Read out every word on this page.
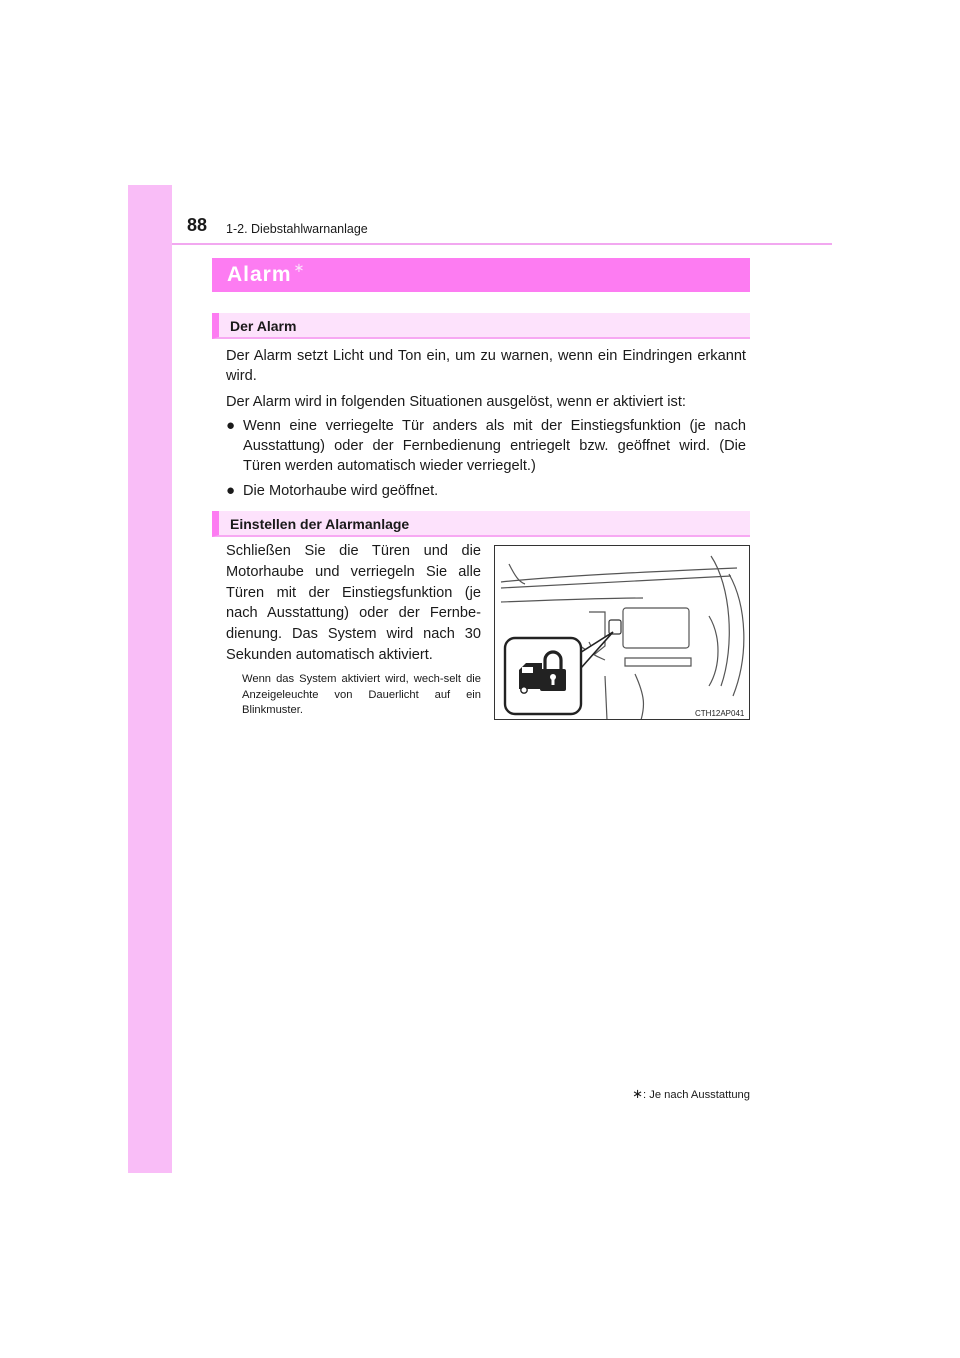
88 1-2. Diebstahlwarnanlage
Alarm ∗
Der Alarm

Der Alarm setzt Licht und Ton ein, um zu warnen, wenn ein Eindringen erkannt wird.

Der Alarm wird in folgenden Situationen ausgelöst, wenn er aktiviert ist:

● Wenn eine verriegelte Tür anders als mit der Einstiegsfunktion (je nach Ausstattung) oder der Fernbedienung entriegelt bzw. geöffnet wird. (Die Türen werden automatisch wieder verriegelt.)
● Die Motorhaube wird geöffnet.
Einstellen der Alarmanlage

Schließen Sie die Türen und die Motorhaube und verriegeln Sie alle Türen mit der Einstiegsfunktion (je nach Ausstattung) oder der Fernbe-dienung. Das System wird nach 30 Sekunden automatisch aktiviert.

Wenn das System aktiviert wird, wech-selt die Anzeigeleuchte von Dauerlicht auf ein Blinkmuster.	CTH12AP041
∗: Je nach Ausstattung
